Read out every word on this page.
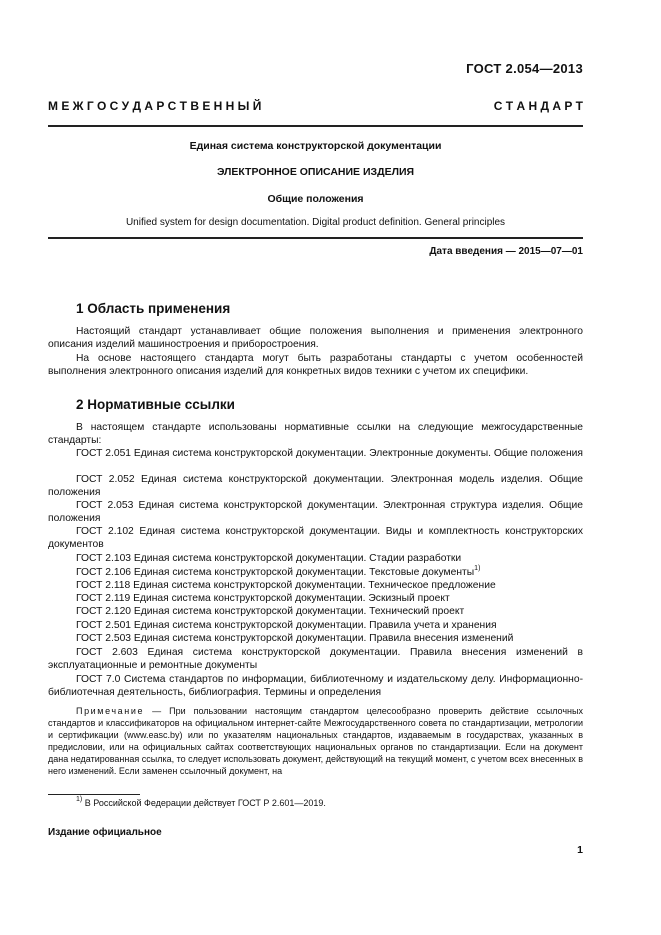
ГОСТ 2.054—2013
М Е Ж Г О С У Д А Р С Т В Е Н Н Ы Й	С Т А Н Д А Р Т
Единая система конструкторской документации
ЭЛЕКТРОННОЕ ОПИСАНИЕ ИЗДЕЛИЯ
Общие положения
Unified system for design documentation. Digital product definition. General principles
Дата введения — 2015—07—01
1 Область применения
Настоящий стандарт устанавливает общие положения выполнения и применения электронного описания изделий машиностроения и приборостроения.
На основе настоящего стандарта могут быть разработаны стандарты с учетом особенностей выполнения электронного описания изделий для конкретных видов техники с учетом их специфики.
2 Нормативные ссылки
В настоящем стандарте использованы нормативные ссылки на следующие межгосударственные стандарты:
ГОСТ 2.051 Единая система конструкторской документации. Электронные документы. Общие положения
ГОСТ 2.052 Единая система конструкторской документации. Электронная модель изделия. Общие положения
ГОСТ 2.053 Единая система конструкторской документации. Электронная структура изделия. Общие положения
ГОСТ 2.102 Единая система конструкторской документации. Виды и комплектность конструкторских документов
ГОСТ 2.103 Единая система конструкторской документации. Стадии разработки
ГОСТ 2.106 Единая система конструкторской документации. Текстовые документы$^{1)}$
ГОСТ 2.118 Единая система конструкторской документации. Техническое предложение
ГОСТ 2.119 Единая система конструкторской документации. Эскизный проект
ГОСТ 2.120 Единая система конструкторской документации. Технический проект
ГОСТ 2.501 Единая система конструкторской документации. Правила учета и хранения
ГОСТ 2.503 Единая система конструкторской документации. Правила внесения изменений
ГОСТ 2.603 Единая система конструкторской документации. Правила внесения изменений в эксплуатационные и ремонтные документы
ГОСТ 7.0 Система стандартов по информации, библиотечному и издательскому делу. Информационно-библиотечная деятельность, библиография. Термины и определения
Примечание — При пользовании настоящим стандартом целесообразно проверить действие ссылочных стандартов и классификаторов на официальном интернет-сайте Межгосударственного совета по стандартизации, метрологии и сертификации (www.easc.by) или по указателям национальных стандартов, издаваемым в государствах, указанных в предисловии, или на официальных сайтах соответствующих национальных органов по стандартизации. Если на документ дана недатированная ссылка, то следует использовать документ, действующий на текущий момент, с учетом всех внесенных в него изменений. Если заменен ссылочный документ, на
$^{1)}$ В Российской Федерации действует ГОСТ Р 2.601—2019.
Издание официальное
1
